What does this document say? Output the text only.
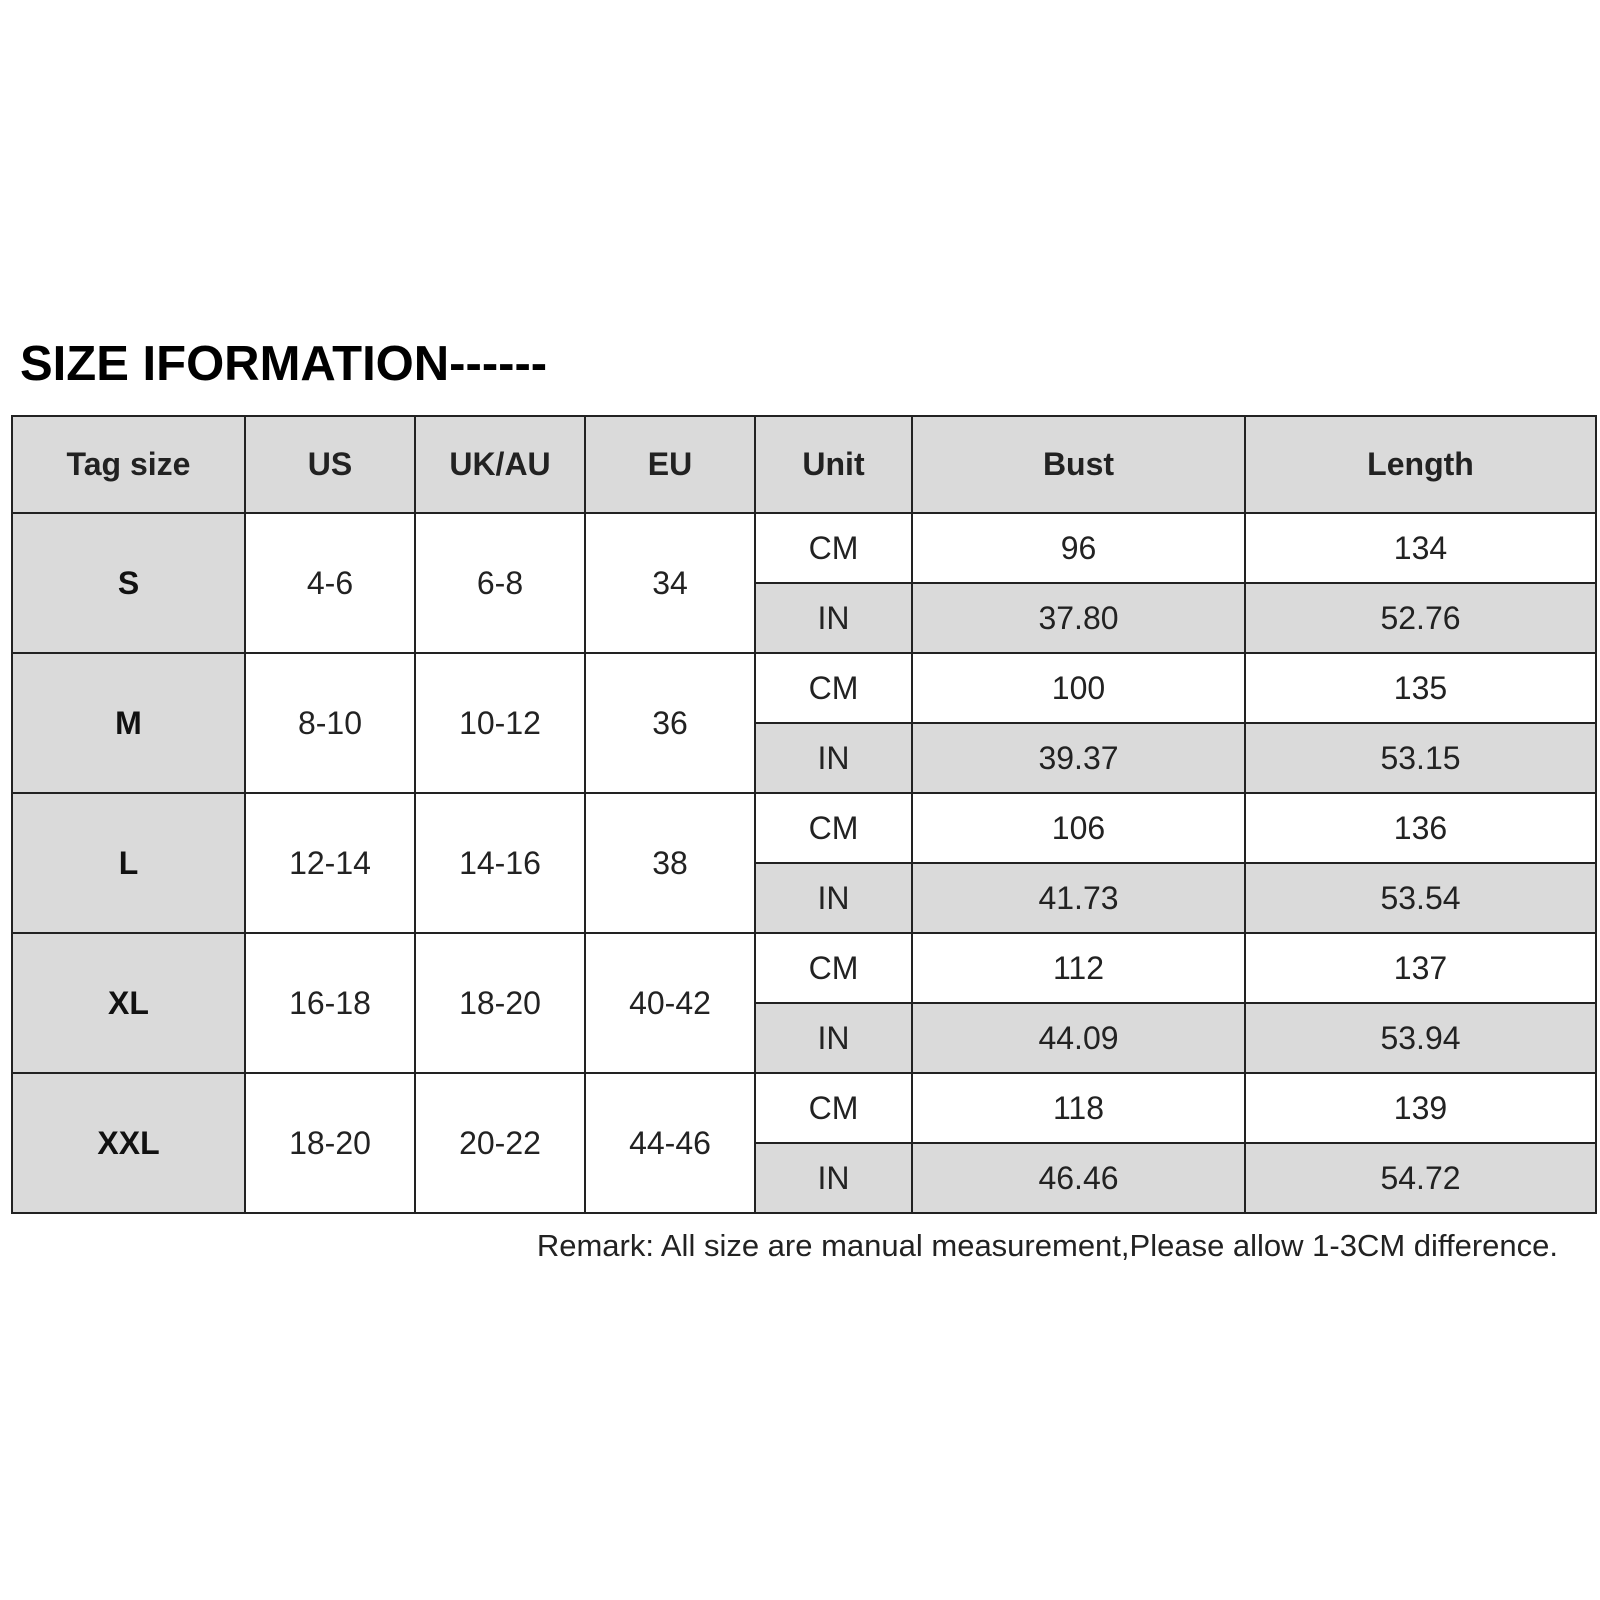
SIZE IFORMATION------
Tag size	US	UK/AU	EU	Unit	Bust	Length
S	4-6	6-8	34	CM	96	134
				IN	37.80	52.76
M	8-10	10-12	36	CM	100	135
				IN	39.37	53.15
L	12-14	14-16	38	CM	106	136
				IN	41.73	53.54
XL	16-18	18-20	40-42	CM	112	137
				IN	44.09	53.94
XXL	18-20	20-22	44-46	CM	118	139
				IN	46.46	54.72
Remark: All size are manual measurement,Please allow 1-3CM difference.
